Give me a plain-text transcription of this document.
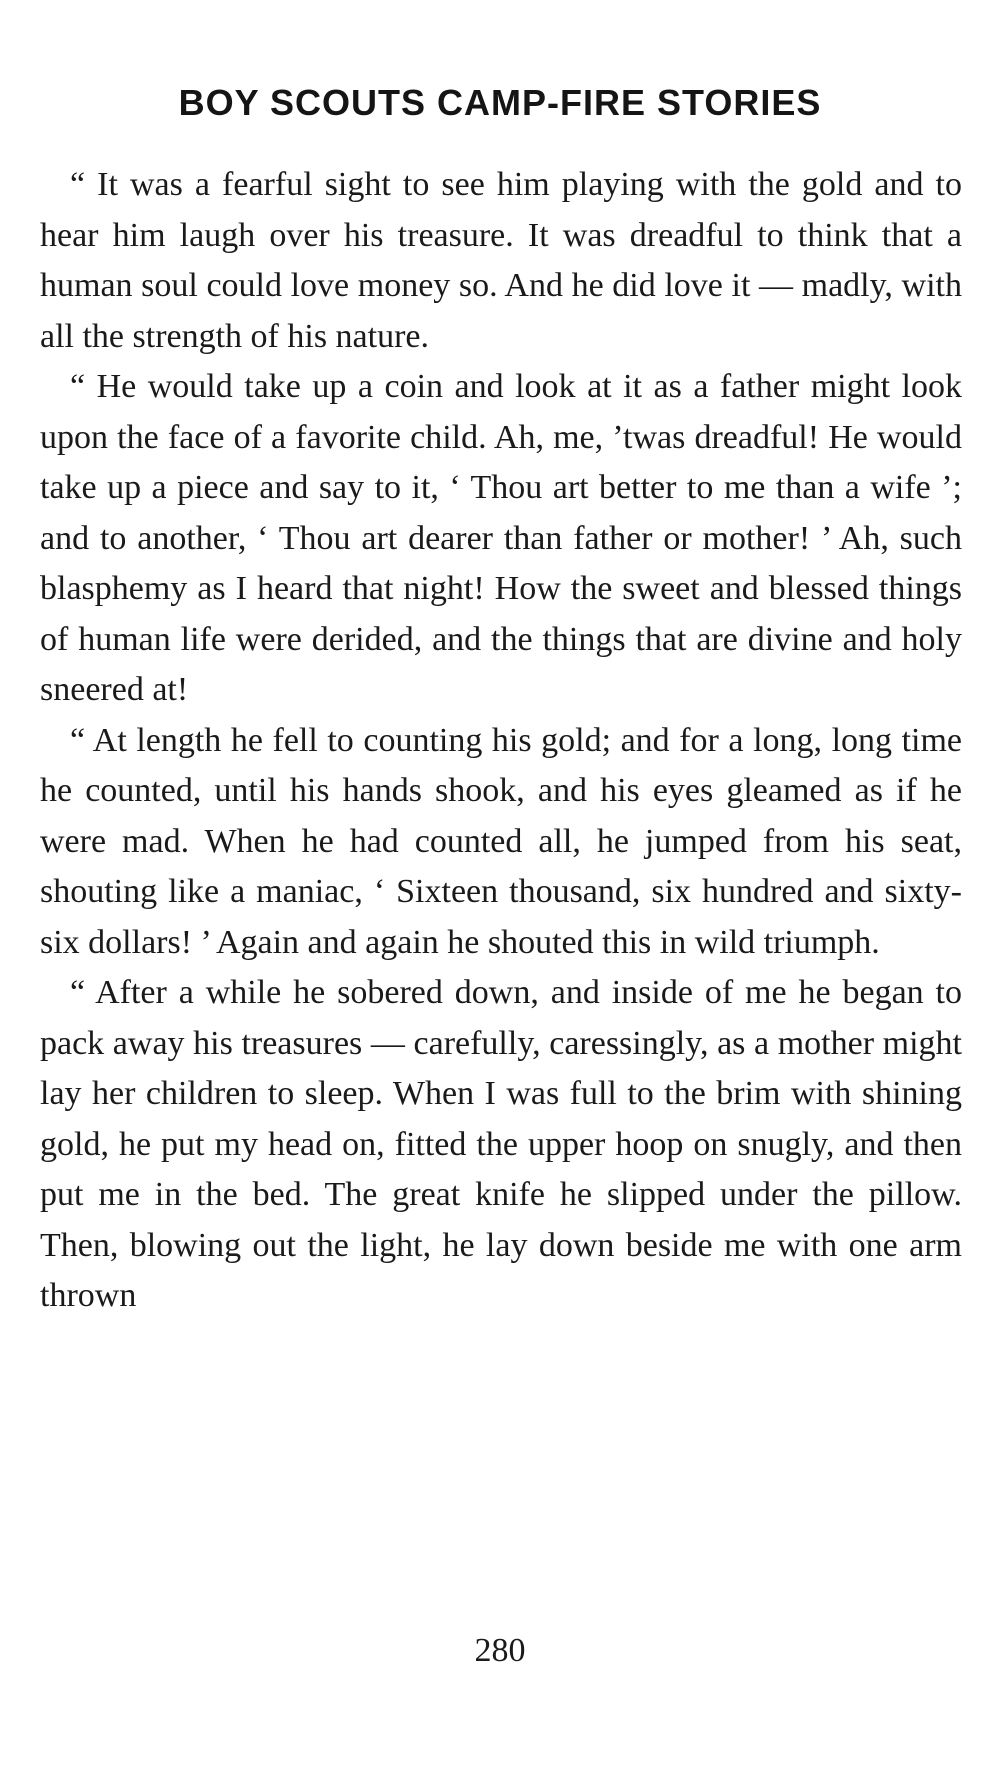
BOY SCOUTS CAMP-FIRE STORIES

“ It was a fearful sight to see him playing with the gold and to hear him laugh over his treasure. It was dreadful to think that a human soul could love money so. And he did love it — madly, with all the strength of his nature.

“ He would take up a coin and look at it as a father might look upon the face of a favorite child. Ah, me, ’twas dreadful! He would take up a piece and say to it, ‘ Thou art better to me than a wife ’; and to another, ‘ Thou art dearer than father or mother! ’ Ah, such blasphemy as I heard that night! How the sweet and blessed things of human life were derided, and the things that are divine and holy sneered at!

“ At length he fell to counting his gold; and for a long, long time he counted, until his hands shook, and his eyes gleamed as if he were mad. When he had counted all, he jumped from his seat, shouting like a maniac, ‘ Sixteen thousand, six hundred and sixty-six dollars! ’ Again and again he shouted this in wild triumph.

“ After a while he sobered down, and inside of me he began to pack away his treasures — carefully, caressingly, as a mother might lay her children to sleep. When I was full to the brim with shining gold, he put my head on, fitted the upper hoop on snugly, and then put me in the bed. The great knife he slipped under the pillow. Then, blowing out the light, he lay down beside me with one arm thrown

280
